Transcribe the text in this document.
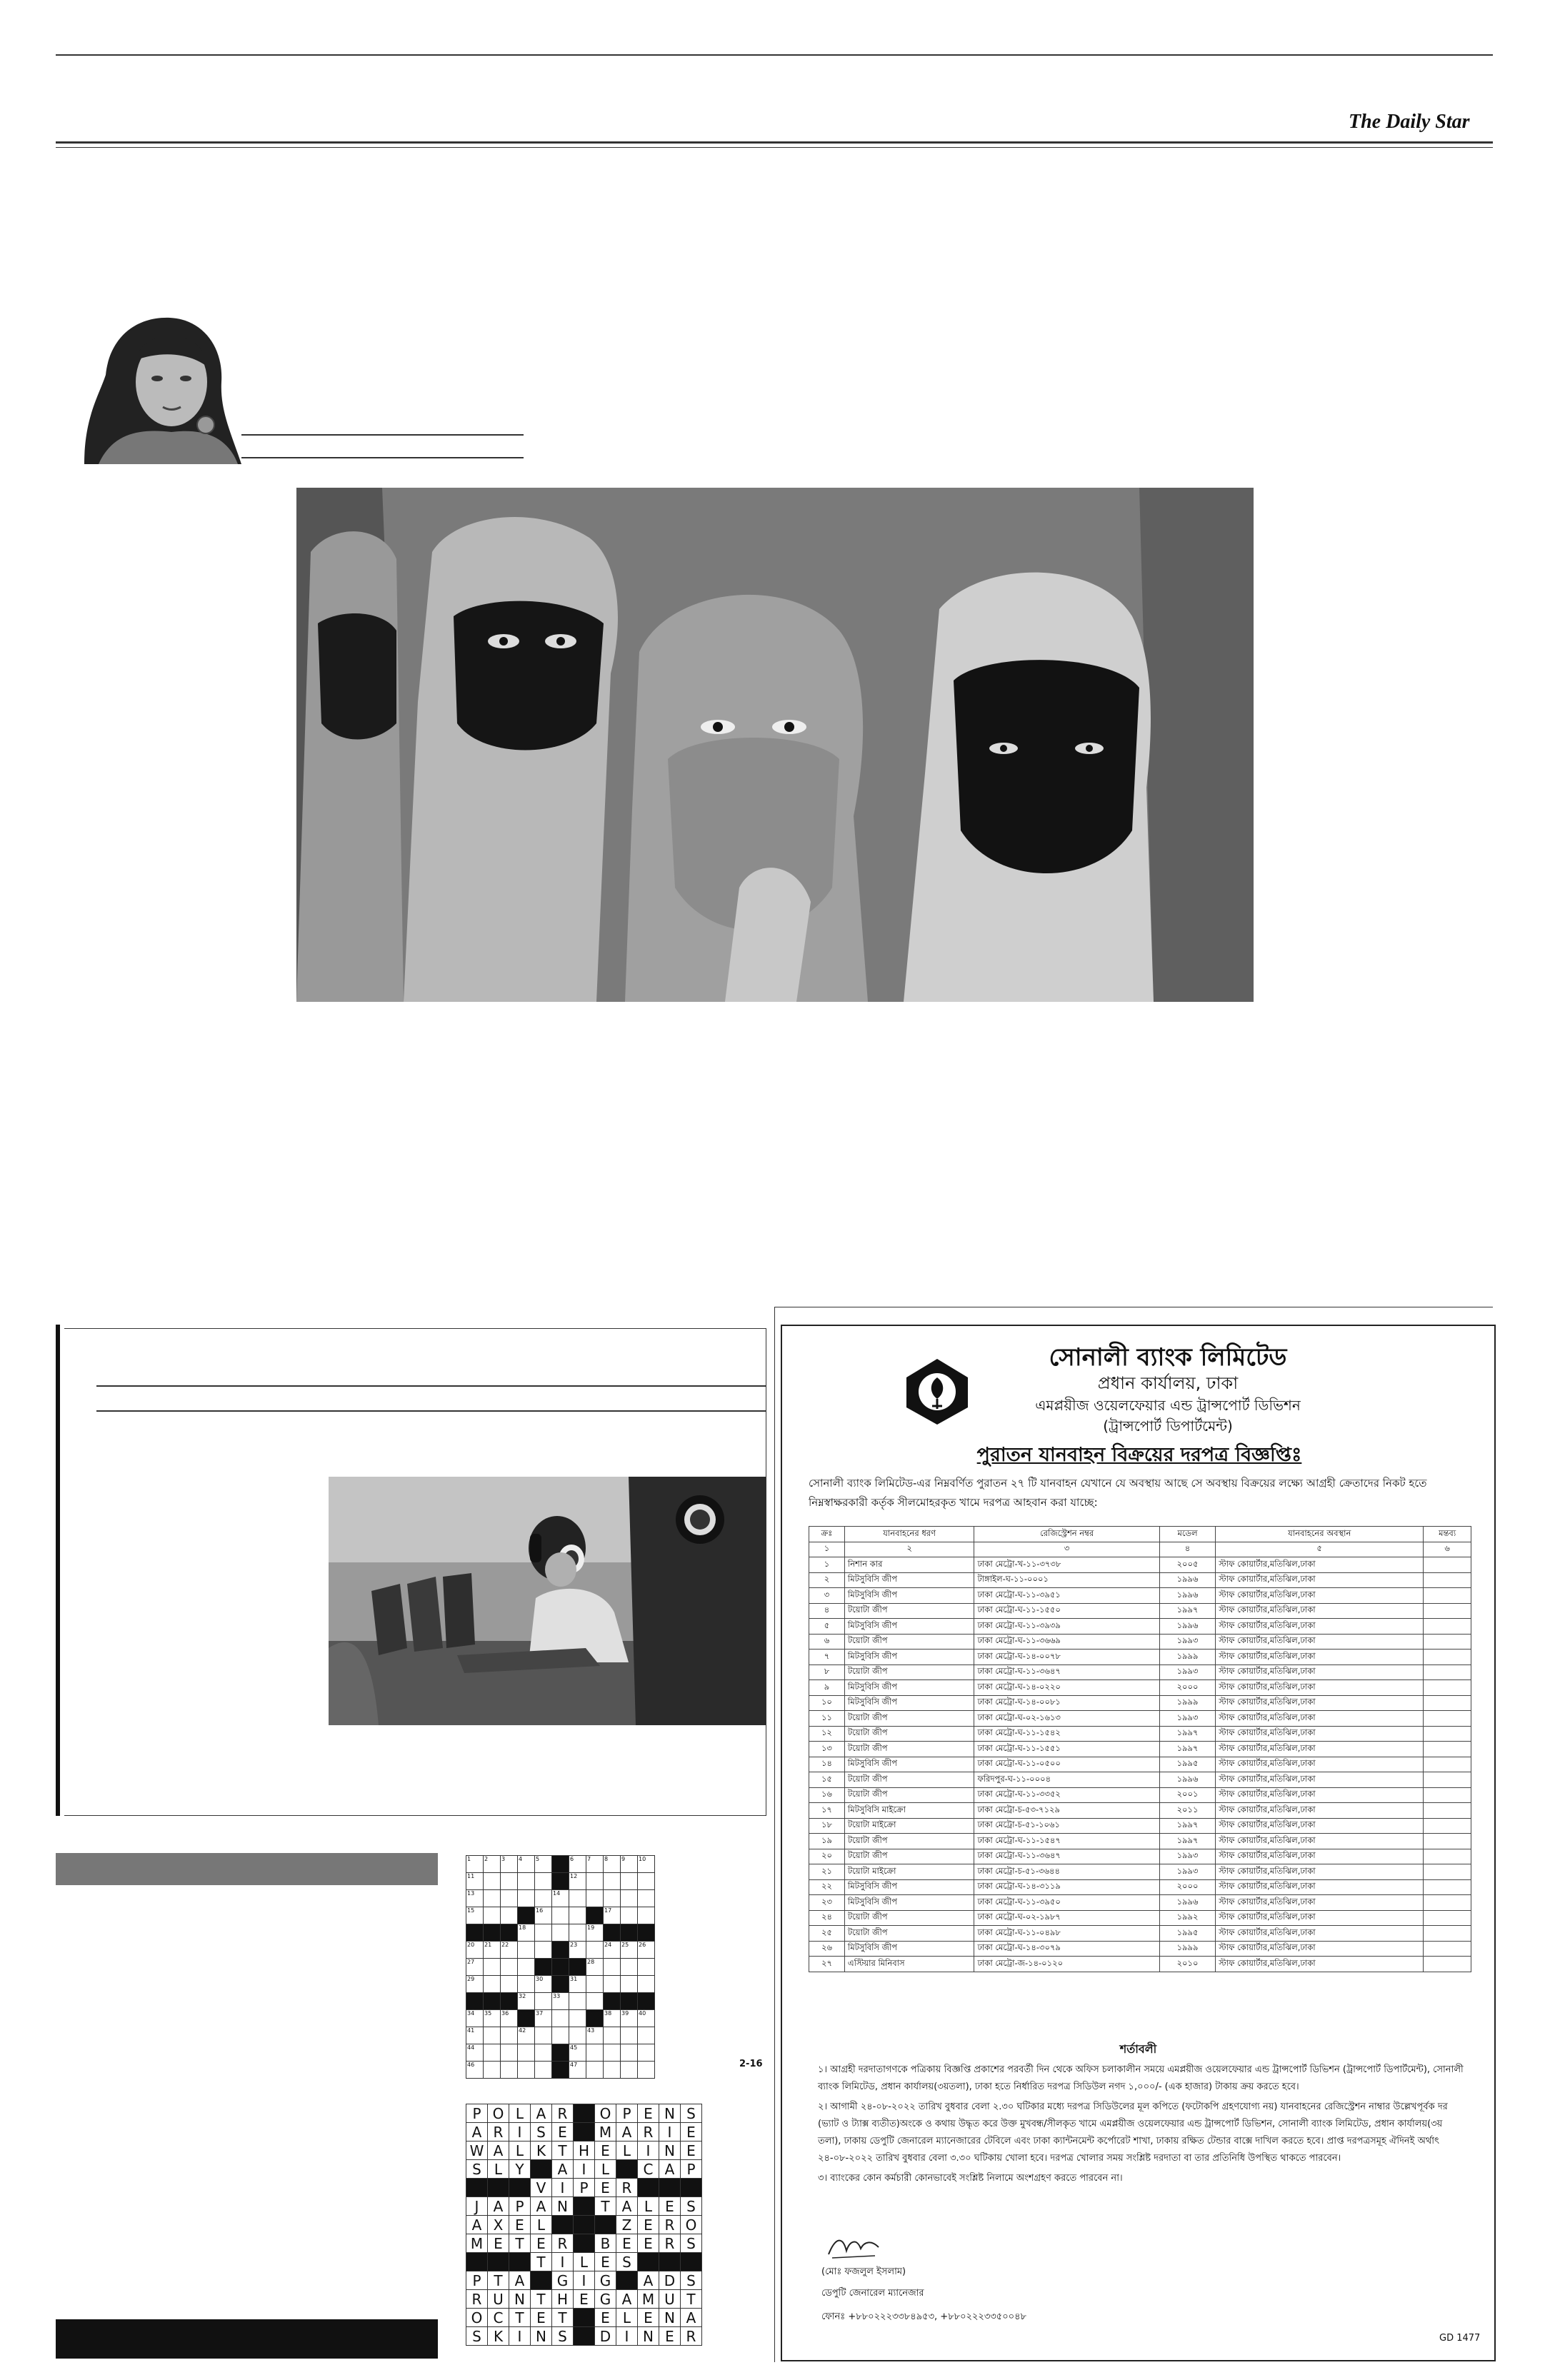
The Daily Star
1	2	3	4	5		6	7	8	9	10

11						12				

13					14					

15				16				17		

			18				19			

20	21	22				23		24	25	26

27							28			

29				30		31				

			32		33					

34	35	36		37				38	39	40

41			42				43			

44						45				

46						47				
					2-16
P	O	L	A	R		O	P	E	N	S
A	R	I	S	E		M	A	R	I	E
W	A	L	K	T	H	E	L	I	N	E
S	L	Y		A	I	L		C	A	P
			V	I	P	E	R			
J	A	P	A	N		T	A	L	E	S
A	X	E	L				Z	E	R	O
M	E	T	E	R		B	E	E	R	S
			T	I	L	E	S			
P	T	A		G	I	G		A	D	S
R	U	N	T	H	E	G	A	M	U	T
O	C	T	E	T		E	L	E	N	A
S	K	I	N	S		D	I	N	E	R
সোনালী ব্যাংক লিমিটেড
প্রধান কার্যালয়, ঢাকা
এমপ্লয়ীজ ওয়েলফেয়ার এন্ড ট্রান্সপোর্ট ডিভিশন
(ট্রান্সপোর্ট ডিপার্টমেন্ট)
পুরাতন যানবাহন বিক্রয়ের দরপত্র বিজ্ঞপ্তিঃ
সোনালী ব্যাংক লিমিটেড-এর নিম্নবর্ণিত পুরাতন ২৭ টি যানবাহন যেখানে যে অবস্থায় আছে সে অবস্থায় বিক্রয়ের লক্ষ্যে আগ্রহী ক্রেতাদের নিকট হতে নিম্নস্বাক্ষরকারী কর্তৃক সীলমোহরকৃত খামে দরপত্র আহবান করা যাচ্ছে:
ক্রঃ	যানবাহনের ধরণ	রেজিস্ট্রেশন নম্বর	মডেল	যানবাহনের অবস্থান	মন্তব্য
১	২	৩	৪	৫	৬
১	নিশান কার	ঢাকা মেট্রো-খ-১১-৩৭৩৮	২০০৫	স্টাফ কোয়ার্টার,মতিঝিল,ঢাকা	
২	মিটসুবিসি জীপ	টাঙ্গাইল-ঘ-১১-০০০১	১৯৯৬	স্টাফ কোয়ার্টার,মতিঝিল,ঢাকা	
৩	মিটসুবিসি জীপ	ঢাকা মেট্রো-ঘ-১১-৩৯৫১	১৯৯৬	স্টাফ কোয়ার্টার,মতিঝিল,ঢাকা	
৪	টয়োটা জীপ	ঢাকা মেট্রো-ঘ-১১-১৫৫০	১৯৯৭	স্টাফ কোয়ার্টার,মতিঝিল,ঢাকা	
৫	মিটসুবিসি জীপ	ঢাকা মেট্রো-ঘ-১১-৩৯৩৯	১৯৯৬	স্টাফ কোয়ার্টার,মতিঝিল,ঢাকা	
৬	টয়োটা জীপ	ঢাকা মেট্রো-ঘ-১১-৩৬৬৯	১৯৯৩	স্টাফ কোয়ার্টার,মতিঝিল,ঢাকা	
৭	মিটসুবিসি জীপ	ঢাকা মেট্রো-ঘ-১৪-০০৭৮	১৯৯৯	স্টাফ কোয়ার্টার,মতিঝিল,ঢাকা	
৮	টয়োটা জীপ	ঢাকা মেট্রো-ঘ-১১-৩৬৪৭	১৯৯৩	স্টাফ কোয়ার্টার,মতিঝিল,ঢাকা	
৯	মিটসুবিসি জীপ	ঢাকা মেট্রো-ঘ-১৪-০২২০	২০০০	স্টাফ কোয়ার্টার,মতিঝিল,ঢাকা	
১০	মিটসুবিসি জীপ	ঢাকা মেট্রো-ঘ-১৪-০০৮১	১৯৯৯	স্টাফ কোয়ার্টার,মতিঝিল,ঢাকা	
১১	টয়োটা জীপ	ঢাকা মেট্রো-ঘ-০২-১৬১৩	১৯৯৩	স্টাফ কোয়ার্টার,মতিঝিল,ঢাকা	
১২	টয়োটা জীপ	ঢাকা মেট্রো-ঘ-১১-১৫৪২	১৯৯৭	স্টাফ কোয়ার্টার,মতিঝিল,ঢাকা	
১৩	টয়োটা জীপ	ঢাকা মেট্রো-ঘ-১১-১৫৫১	১৯৯৭	স্টাফ কোয়ার্টার,মতিঝিল,ঢাকা	
১৪	মিটসুবিসি জীপ	ঢাকা মেট্রো-ঘ-১১-০৫০০	১৯৯৫	স্টাফ কোয়ার্টার,মতিঝিল,ঢাকা	
১৫	টয়োটা জীপ	ফরিদপুর-ঘ-১১-০০০৪	১৯৯৬	স্টাফ কোয়ার্টার,মতিঝিল,ঢাকা	
১৬	টয়োটা জীপ	ঢাকা মেট্রো-ঘ-১১-৩৩৫২	২০০১	স্টাফ কোয়ার্টার,মতিঝিল,ঢাকা	
১৭	মিটসুবিসি মাইক্রো	ঢাকা মেট্রো-চ-৫৩-৭১২৯	২০১১	স্টাফ কোয়ার্টার,মতিঝিল,ঢাকা	
১৮	টয়োটা মাইক্রো	ঢাকা মেট্রো-চ-৫১-১০৬১	১৯৯৭	স্টাফ কোয়ার্টার,মতিঝিল,ঢাকা	
১৯	টয়োটা জীপ	ঢাকা মেট্রো-ঘ-১১-১৫৪৭	১৯৯৭	স্টাফ কোয়ার্টার,মতিঝিল,ঢাকা	
২০	টয়োটা জীপ	ঢাকা মেট্রো-ঘ-১১-৩৬৪৭	১৯৯৩	স্টাফ কোয়ার্টার,মতিঝিল,ঢাকা	
২১	টয়োটা মাইক্রো	ঢাকা মেট্রো-চ-৫১-৩৬৪৪	১৯৯৩	স্টাফ কোয়ার্টার,মতিঝিল,ঢাকা	
২২	মিটসুবিসি জীপ	ঢাকা মেট্রো-ঘ-১৪-৩১১৯	২০০০	স্টাফ কোয়ার্টার,মতিঝিল,ঢাকা	
২৩	মিটসুবিসি জীপ	ঢাকা মেট্রো-ঘ-১১-৩৯৫০	১৯৯৬	স্টাফ কোয়ার্টার,মতিঝিল,ঢাকা	
২৪	টয়োটা জীপ	ঢাকা মেট্রো-ঘ-০২-১৯৮৭	১৯৯২	স্টাফ কোয়ার্টার,মতিঝিল,ঢাকা	
২৫	টয়োটা জীপ	ঢাকা মেট্রো-ঘ-১১-০৪৯৮	১৯৯৫	স্টাফ কোয়ার্টার,মতিঝিল,ঢাকা	
২৬	মিটসুবিসি জীপ	ঢাকা মেট্রো-ঘ-১৪-৩০৭৯	১৯৯৯	স্টাফ কোয়ার্টার,মতিঝিল,ঢাকা	
২৭	এস্টিয়ার মিনিবাস	ঢাকা মেট্রো-জ-১৪-০১২০	২০১০	স্টাফ কোয়ার্টার,মতিঝিল,ঢাকা	
শর্তাবলী

১। আগ্রহী দরদাতাগণকে পত্রিকায় বিজ্ঞপ্তি প্রকাশের পরবর্তী দিন থেকে অফিস চলাকালীন সময়ে এমপ্লয়ীজ ওয়েলফেয়ার এন্ড ট্রান্সপোর্ট ডিভিশন (ট্রান্সপোর্ট ডিপার্টমেন্ট), সোনালী ব্যাংক লিমিটেড, প্রধান কার্যালয়(৩য়তলা), ঢাকা হতে নির্ধারিত দরপত্র সিডিউল নগদ ১,০০০/- (এক হাজার) টাকায় ক্রয় করতে হবে।

২। আগামী ২৪-০৮-২০২২ তারিখ বুধবার বেলা ২.৩০ ঘটিকার মধ্যে দরপত্র সিডিউলের মূল কপিতে (ফটোকপি গ্রহণযোগ্য নয়) যানবাহনের রেজিস্ট্রেশন নাম্বার উল্লেখপূর্বক দর (ভ্যাট ও ট্যাক্স ব্যতীত)অংকে ও কথায় উদ্ধৃত করে উক্ত মুখবন্ধ/সীলকৃত খামে এমপ্লয়ীজ ওয়েলফেয়ার এন্ড ট্রান্সপোর্ট ডিভিশন, সোনালী ব্যাংক লিমিটেড, প্রধান কার্যালয়(৩য় তলা), ঢাকায় ডেপুটি জেনারেল ম্যানেজারের টেবিলে এবং ঢাকা ক্যান্টনমেন্ট কর্পোরেট শাখা, ঢাকায় রক্ষিত টেন্ডার বাক্সে দাখিল করতে হবে। প্রাপ্ত দরপত্রসমূহ ঐদিনই অর্থাৎ ২৪-০৮-২০২২ তারিখ বুধবার বেলা ৩.৩০ ঘটিকায় খোলা হবে। দরপত্র খোলার সময় সংশ্লিষ্ট দরদাতা বা তার প্রতিনিধি উপস্থিত থাকতে পারবেন।

৩। ব্যাংকের কোন কর্মচারী কোনভাবেই সংশ্লিষ্ট নিলামে অংশগ্রহণ করতে পারবেন না।

(মোঃ ফজলুল ইসলাম)
ডেপুটি জেনারেল ম্যানেজার
ফোনঃ +৮৮০২২২৩৩৮৪৯৫৩, +৮৮০২২২৩৩৫০০৪৮
GD 1477
